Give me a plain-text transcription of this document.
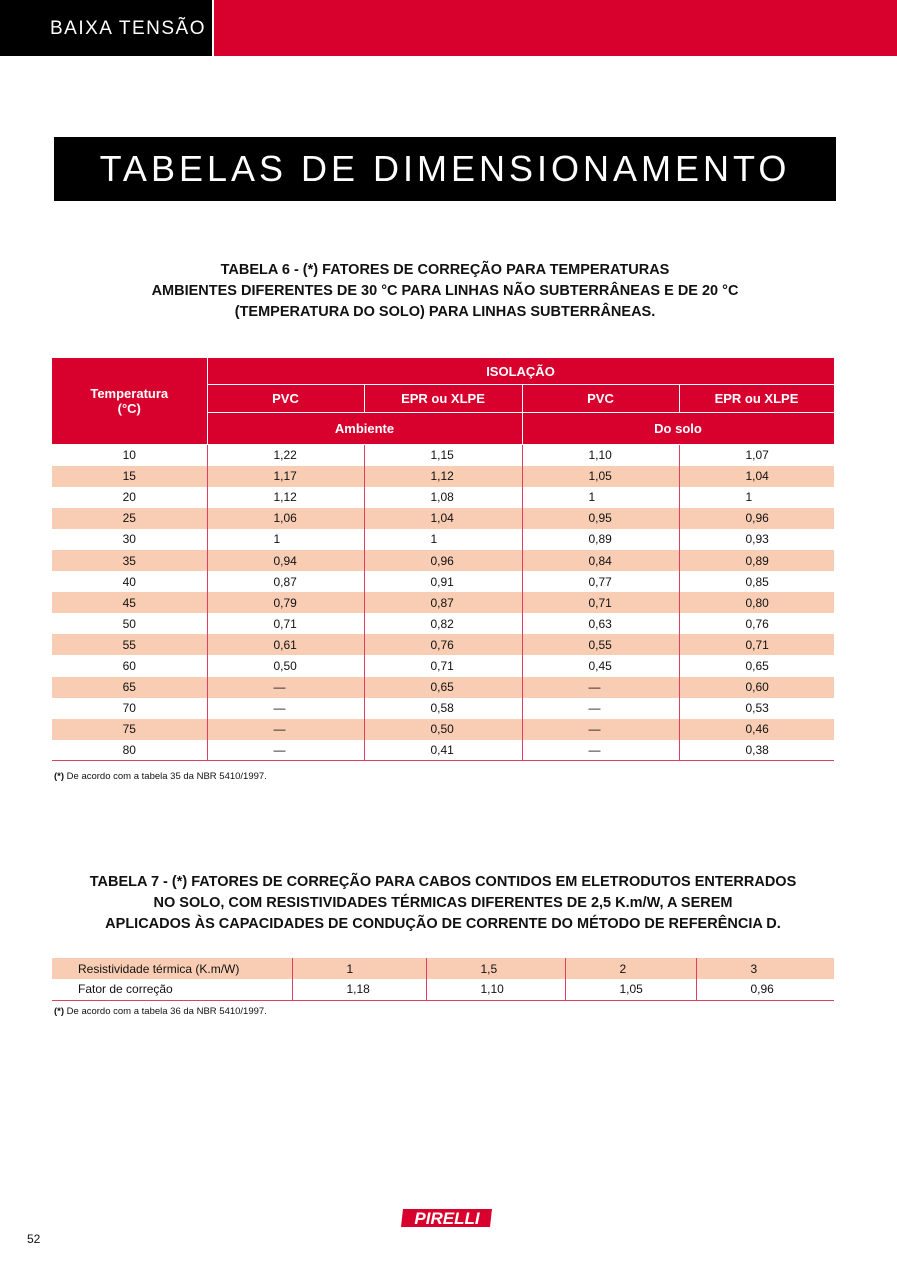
BAIXA TENSÃO
TABELAS DE DIMENSIONAMENTO
TABELA 6 - (*) FATORES DE CORREÇÃO PARA TEMPERATURAS
AMBIENTES DIFERENTES DE 30 °C PARA LINHAS NÃO SUBTERRÂNEAS E DE 20 °C
(TEMPERATURA DO SOLO) PARA LINHAS SUBTERRÂNEAS.
Temperatura
(°C)	ISOLAÇÃO			
	PVC	EPR ou XLPE	PVC	EPR ou XLPE
	Ambiente		Do solo	
10	1,22	1,15	1,10	1,07
15	1,17	1,12	1,05	1,04
20	1,12	1,08	1	1
25	1,06	1,04	0,95	0,96
30	1	1	0,89	0,93
35	0,94	0,96	0,84	0,89
40	0,87	0,91	0,77	0,85
45	0,79	0,87	0,71	0,80
50	0,71	0,82	0,63	0,76
55	0,61	0,76	0,55	0,71
60	0,50	0,71	0,45	0,65
65	—	0,65	—	0,60
70	—	0,58	—	0,53
75	—	0,50	—	0,46
80	—	0,41	—	0,38
(*) De acordo com a tabela 35 da NBR 5410/1997.
TABELA 7 - (*) FATORES DE CORREÇÃO PARA CABOS CONTIDOS EM ELETRODUTOS ENTERRADOS
NO SOLO, COM RESISTIVIDADES TÉRMICAS DIFERENTES DE 2,5 K.m/W, A SEREM
APLICADOS ÀS CAPACIDADES DE CONDUÇÃO DE CORRENTE DO MÉTODO DE REFERÊNCIA D.
Resistividade térmica (K.m/W)	1	1,5	2	3
Fator de correção	1,18	1,10	1,05	0,96
(*) De acordo com a tabela 36 da NBR 5410/1997.
PIRELLI
52
